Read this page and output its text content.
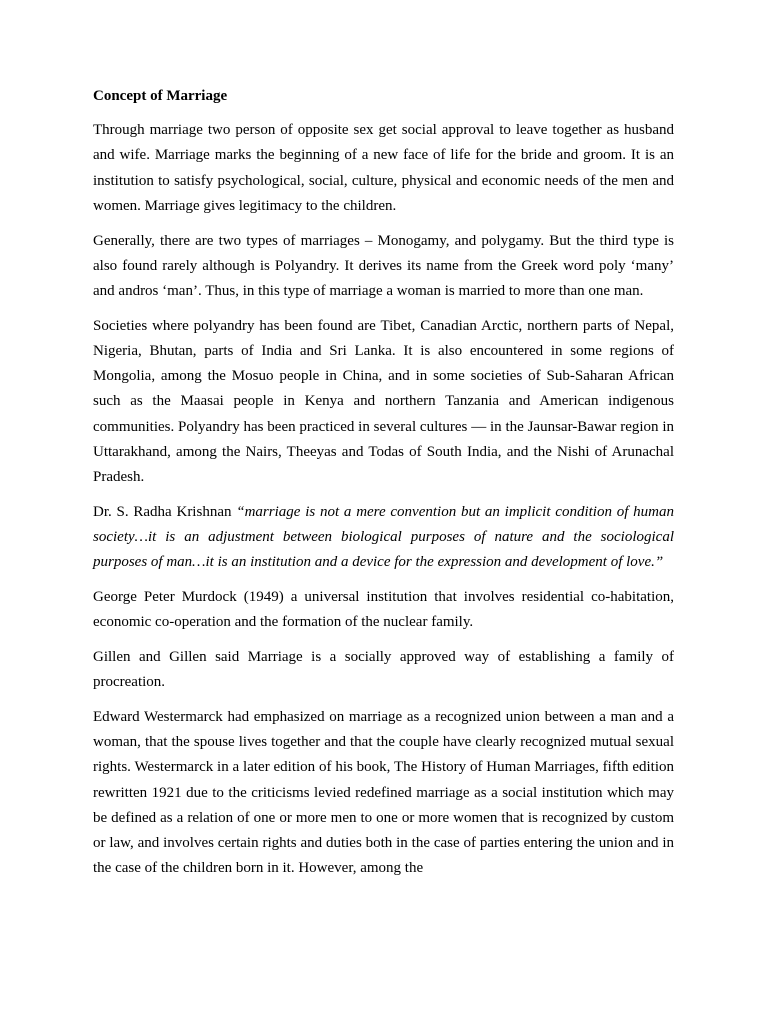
Concept of Marriage

Through marriage two person of opposite sex get social approval to leave together as husband and wife. Marriage marks the beginning of a new face of life for the bride and groom. It is an institution to satisfy psychological, social, culture, physical and economic needs of the men and women. Marriage gives legitimacy to the children.

Generally, there are two types of marriages – Monogamy, and polygamy. But the third type is also found rarely although is Polyandry. It derives its name from the Greek word poly ‘many’ and andros ‘man’. Thus, in this type of marriage a woman is married to more than one man.

Societies where polyandry has been found are Tibet, Canadian Arctic, northern parts of Nepal, Nigeria, Bhutan, parts of India and Sri Lanka. It is also encountered in some regions of Mongolia, among the Mosuo people in China, and in some societies of Sub-Saharan African such as the Maasai people in Kenya and northern Tanzania and American indigenous communities. Polyandry has been practiced in several cultures — in the Jaunsar-Bawar region in Uttarakhand, among the Nairs, Theeyas and Todas of South India, and the Nishi of Arunachal Pradesh.

Dr. S. Radha Krishnan “marriage is not a mere convention but an implicit condition of human society…it is an adjustment between biological purposes of nature and the sociological purposes of man…it is an institution and a device for the expression and development of love.”

George Peter Murdock (1949) a universal institution that involves residential co-habitation, economic co-operation and the formation of the nuclear family.

Gillen and Gillen said Marriage is a socially approved way of establishing a family of procreation.

Edward Westermarck had emphasized on marriage as a recognized union between a man and a woman, that the spouse lives together and that the couple have clearly recognized mutual sexual rights. Westermarck in a later edition of his book, The History of Human Marriages, fifth edition rewritten 1921 due to the criticisms levied redefined marriage as a social institution which may be defined as a relation of one or more men to one or more women that is recognized by custom or law, and involves certain rights and duties both in the case of parties entering the union and in the case of the children born in it. However, among the
